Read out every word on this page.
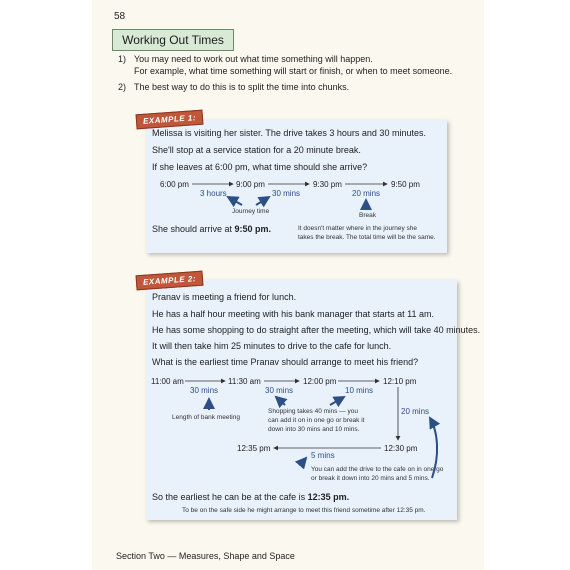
58
Working Out Times
1) You may need to work out what time something will happen.
For example, what time something will start or finish, or when to meet someone.
2) The best way to do this is to split the time into chunks.
EXAMPLE 1:
Melissa is visiting her sister. The drive takes 3 hours and 30 minutes.
She'll stop at a service station for a 20 minute break.
If she leaves at 6:00 pm, what time should she arrive?
6:00 pm	9:00 pm	9:30 pm	9:50 pm
3 hours	30 mins	20 mins
Journey time
Break
She should arrive at 9:50 pm.	It doesn't matter where in the journey she
takes the break. The total time will be the same.
EXAMPLE 2:
Pranav is meeting a friend for lunch.
He has a half hour meeting with his bank manager that starts at 11 am.
He has some shopping to do straight after the meeting, which will take 40 minutes.
It will then take him 25 minutes to drive to the cafe for lunch.
What is the earliest time Pranav should arrange to meet his friend?
11:00 am	11:30 am	12:00 pm	12:10 pm
12:30 pm
12:35 pm
30 mins	30 mins	10 mins
20 mins
5 mins
Length of bank meeting
Shopping takes 40 mins — you
can add it on in one go or break it
down into 30 mins and 10 mins.
You can add the drive to the cafe on in one go
or break it down into 20 mins and 5 mins.
So the earliest he can be at the cafe is 12:35 pm.
To be on the safe side he might arrange to meet this friend sometime after 12:35 pm.
Section Two — Measures, Shape and Space
